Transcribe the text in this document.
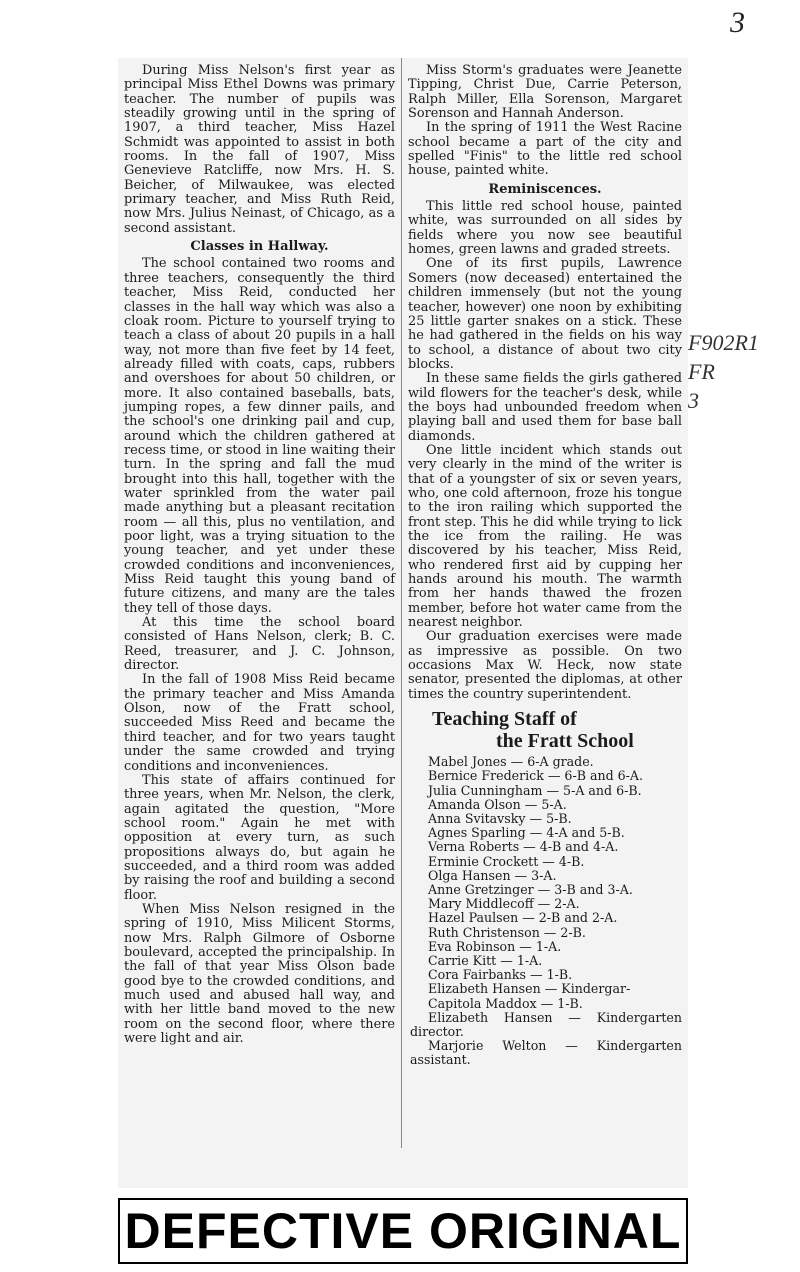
3
F902R1
FR
3

During Miss Nelson's first year as principal Miss Ethel Downs was primary teacher. The number of pupils was steadily growing until in the spring of 1907, a third teacher, Miss Hazel Schmidt was appointed to assist in both rooms. In the fall of 1907, Miss Genevieve Ratcliffe, now Mrs. H. S. Beicher, of Milwaukee, was elected primary teacher, and Miss Ruth Reid, now Mrs. Julius Neinast, of Chicago, as a second assistant.

Classes in Hallway.

The school contained two rooms and three teachers, consequently the third teacher, Miss Reid, conducted her classes in the hall way which was also a cloak room. Picture to yourself trying to teach a class of about 20 pupils in a hall way, not more than five feet by 14 feet, already filled with coats, caps, rubbers and overshoes for about 50 children, or more. It also contained baseballs, bats, jumping ropes, a few dinner pails, and the school's one drinking pail and cup, around which the children gathered at recess time, or stood in line waiting their turn. In the spring and fall the mud brought into this hall, together with the water sprinkled from the water pail made anything but a pleasant recitation room — all this, plus no ventilation, and poor light, was a trying situation to the young teacher, and yet under these crowded conditions and inconveniences, Miss Reid taught this young band of future citizens, and many are the tales they tell of those days.

At this time the school board consisted of Hans Nelson, clerk; B. C. Reed, treasurer, and J. C. Johnson, director.

In the fall of 1908 Miss Reid became the primary teacher and Miss Amanda Olson, now of the Fratt school, succeeded Miss Reed and became the third teacher, and for two years taught under the same crowded and trying conditions and inconveniences.

This state of affairs continued for three years, when Mr. Nelson, the clerk, again agitated the question, "More school room." Again he met with opposition at every turn, as such propositions always do, but again he succeeded, and a third room was added by raising the roof and building a second floor.

When Miss Nelson resigned in the spring of 1910, Miss Milicent Storms, now Mrs. Ralph Gilmore of Osborne boulevard, accepted the principalship. In the fall of that year Miss Olson bade good bye to the crowded conditions, and much used and abused hall way, and with her little band moved to the new room on the second floor, where there were light and air.

Miss Storm's graduates were Jeanette Tipping, Christ Due, Carrie Peterson, Ralph Miller, Ella Sorenson, Margaret Sorenson and Hannah Anderson.

In the spring of 1911 the West Racine school became a part of the city and spelled "Finis" to the little red school house, painted white.

Reminiscences.

This little red school house, painted white, was surrounded on all sides by fields where you now see beautiful homes, green lawns and graded streets.

One of its first pupils, Lawrence Somers (now deceased) entertained the children immensely (but not the young teacher, however) one noon by exhibiting 25 little garter snakes on a stick. These he had gathered in the fields on his way to school, a distance of about two city blocks.

In these same fields the girls gathered wild flowers for the teacher's desk, while the boys had unbounded freedom when playing ball and used them for base ball diamonds.

One little incident which stands out very clearly in the mind of the writer is that of a youngster of six or seven years, who, one cold afternoon, froze his tongue to the iron railing which supported the front step. This he did while trying to lick the ice from the railing. He was discovered by his teacher, Miss Reid, who rendered first aid by cupping her hands around his mouth. The warmth from her hands thawed the frozen member, before hot water came from the nearest neighbor.

Our graduation exercises were made as impressive as possible. On two occasions Max W. Heck, now state senator, presented the diplomas, at other times the country superintendent.

Teaching Staff of
the Fratt School
Mabel Jones — 6-A grade.
Bernice Frederick — 6-B and 6-A.
Julia Cunningham — 5-A and 6-B.
Amanda Olson — 5-A.
Anna Svitavsky — 5-B.
Agnes Sparling — 4-A and 5-B.
Verna Roberts — 4-B and 4-A.
Erminie Crockett — 4-B.
Olga Hansen — 3-A.
Anne Gretzinger — 3-B and 3-A.
Mary Middlecoff — 2-A.
Hazel Paulsen — 2-B and 2-A.
Ruth Christenson — 2-B.
Eva Robinson — 1-A.
Carrie Kitt — 1-A.
Cora Fairbanks — 1-B.
Elizabeth Hansen — Kindergar-
Capitola Maddox — 1-B.
Elizabeth Hansen — Kindergarten director.
Marjorie Welton — Kindergarten assistant.
DEFECTIVE ORIGINAL
